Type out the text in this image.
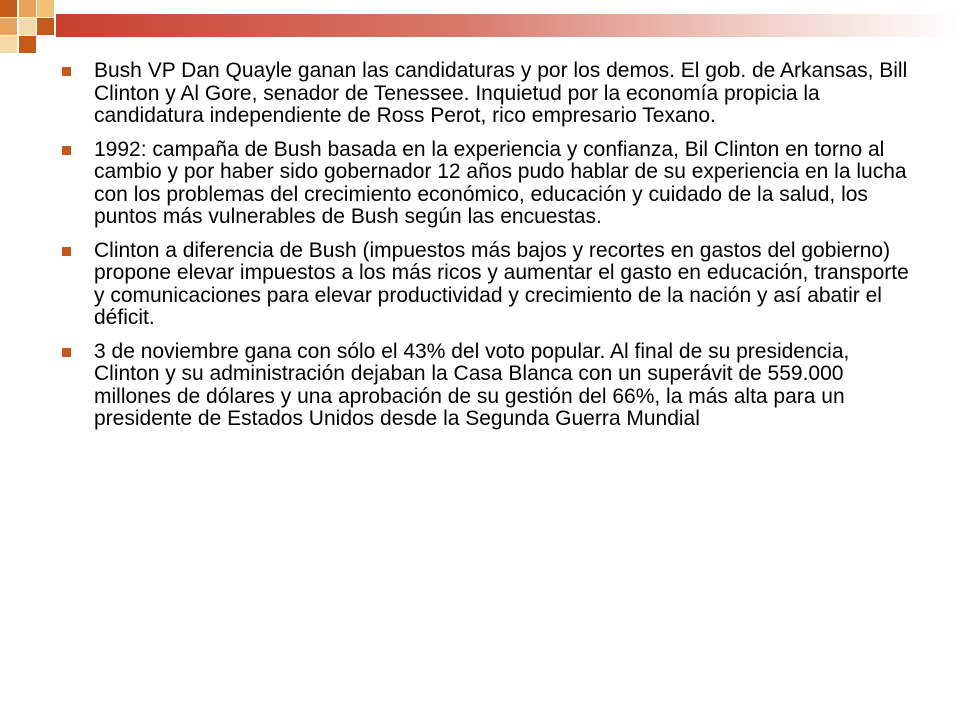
Bush VP Dan Quayle ganan las candidaturas y por los demos. El gob. de Arkansas, Bill Clinton y Al Gore, senador de Tenessee. Inquietud por la economía propicia la candidatura independiente de Ross Perot, rico empresario Texano.
1992: campaña de Bush basada en la experiencia y confianza, Bil Clinton en torno al cambio y por haber sido gobernador 12 años pudo hablar de su experiencia en la lucha con los problemas del crecimiento económico, educación y cuidado de la salud, los puntos más vulnerables de Bush según las encuestas.
Clinton a diferencia de Bush (impuestos más bajos y recortes en gastos del gobierno) propone elevar impuestos a los más ricos y aumentar el gasto en educación, transporte y comunicaciones para elevar productividad y crecimiento de la nación y así abatir el déficit.
3 de noviembre gana con sólo el 43% del voto popular. Al final de su presidencia, Clinton y su administración dejaban la Casa Blanca con un superávit de 559.000 millones de dólares y una aprobación de su gestión del 66%, la más alta para un presidente de Estados Unidos desde la Segunda Guerra Mundial
